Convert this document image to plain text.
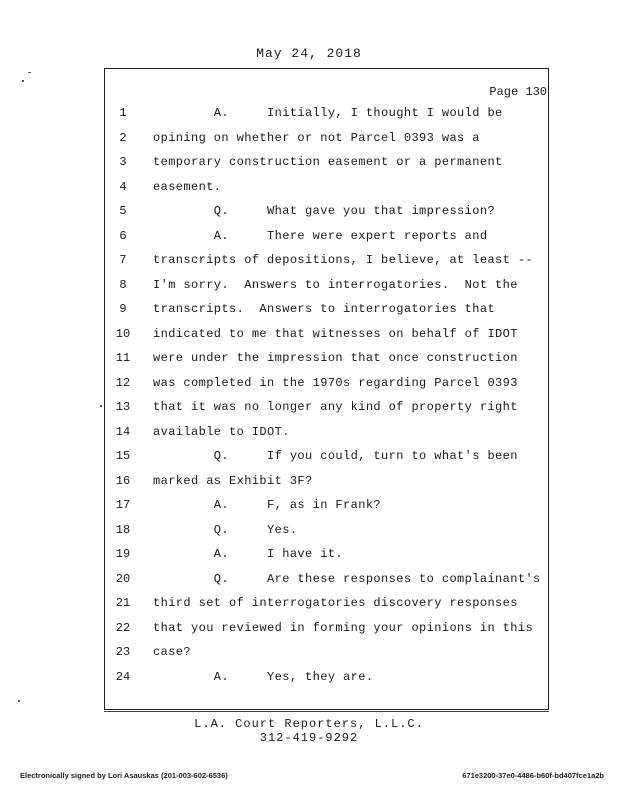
May 24, 2018
Page 130
1	A.     Initially, I thought I would be
2	opining on whether or not Parcel 0393 was a
3	temporary construction easement or a permanent
4	easement.
5	Q.     What gave you that impression?
6	A.     There were expert reports and
7	transcripts of depositions, I believe, at least --
8	I'm sorry.  Answers to interrogatories.  Not the
9	transcripts.  Answers to interrogatories that
10	indicated to me that witnesses on behalf of IDOT
11	were under the impression that once construction
12	was completed in the 1970s regarding Parcel 0393
13	that it was no longer any kind of property right
14	available to IDOT.
15	Q.     If you could, turn to what's been
16	marked as Exhibit 3F?
17	A.     F, as in Frank?
18	Q.     Yes.
19	A.     I have it.
20	Q.     Are these responses to complainant's
21	third set of interrogatories discovery responses
22	that you reviewed in forming your opinions in this
23	case?
24	A.     Yes, they are.
L.A. Court Reporters, L.L.C.
312-419-9292
Electronically signed by Lori Asauskas (201-003-602-6536)	671e3200-37e0-4486-b60f-bd407fce1a2b
